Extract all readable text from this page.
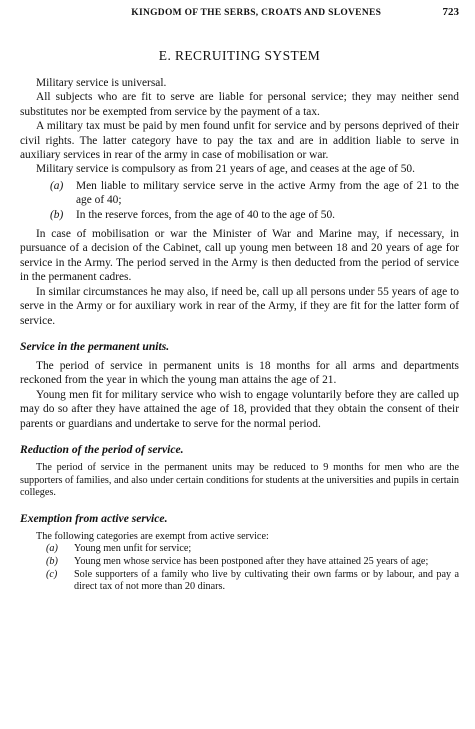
KINGDOM OF THE SERBS, CROATS AND SLOVENES	723
E. RECRUITING SYSTEM

Military service is universal.

All subjects who are fit to serve are liable for personal service; they may neither send substitutes nor be exempted from service by the payment of a tax.

A military tax must be paid by men found unfit for service and by persons deprived of their civil rights. The latter category have to pay the tax and are in addition liable to serve in auxiliary services in rear of the army in case of mobilisation or war.

Military service is compulsory as from 21 years of age, and ceases at the age of 50.

(a)	Men liable to military service serve in the active Army from the age of 21 to the age of 40;
(b)	In the reserve forces, from the age of 40 to the age of 50.

In case of mobilisation or war the Minister of War and Marine may, if necessary, in pursuance of a decision of the Cabinet, call up young men between 18 and 20 years of age for service in the Army. The period served in the Army is then deducted from the period of service in the permanent cadres.

In similar circumstances he may also, if need be, call up all persons under 55 years of age to serve in the Army or for auxiliary work in rear of the Army, if they are fit for the latter form of service.

Service in the permanent units.

The period of service in permanent units is 18 months for all arms and departments reckoned from the year in which the young man attains the age of 21.

Young men fit for military service who wish to engage voluntarily before they are called up may do so after they have attained the age of 18, provided that they obtain the consent of their parents or guardians and undertake to serve for the normal period.

Reduction of the period of service.

The period of service in the permanent units may be reduced to 9 months for men who are the supporters of families, and also under certain conditions for students at the universities and pupils in certain colleges.

Exemption from active service.

The following categories are exempt from active service:

(a)	Young men unfit for service;
(b)	Young men whose service has been postponed after they have attained 25 years of age;
(c)	Sole supporters of a family who live by cultivating their own farms or by labour, and pay a direct tax of not more than 20 dinars.
